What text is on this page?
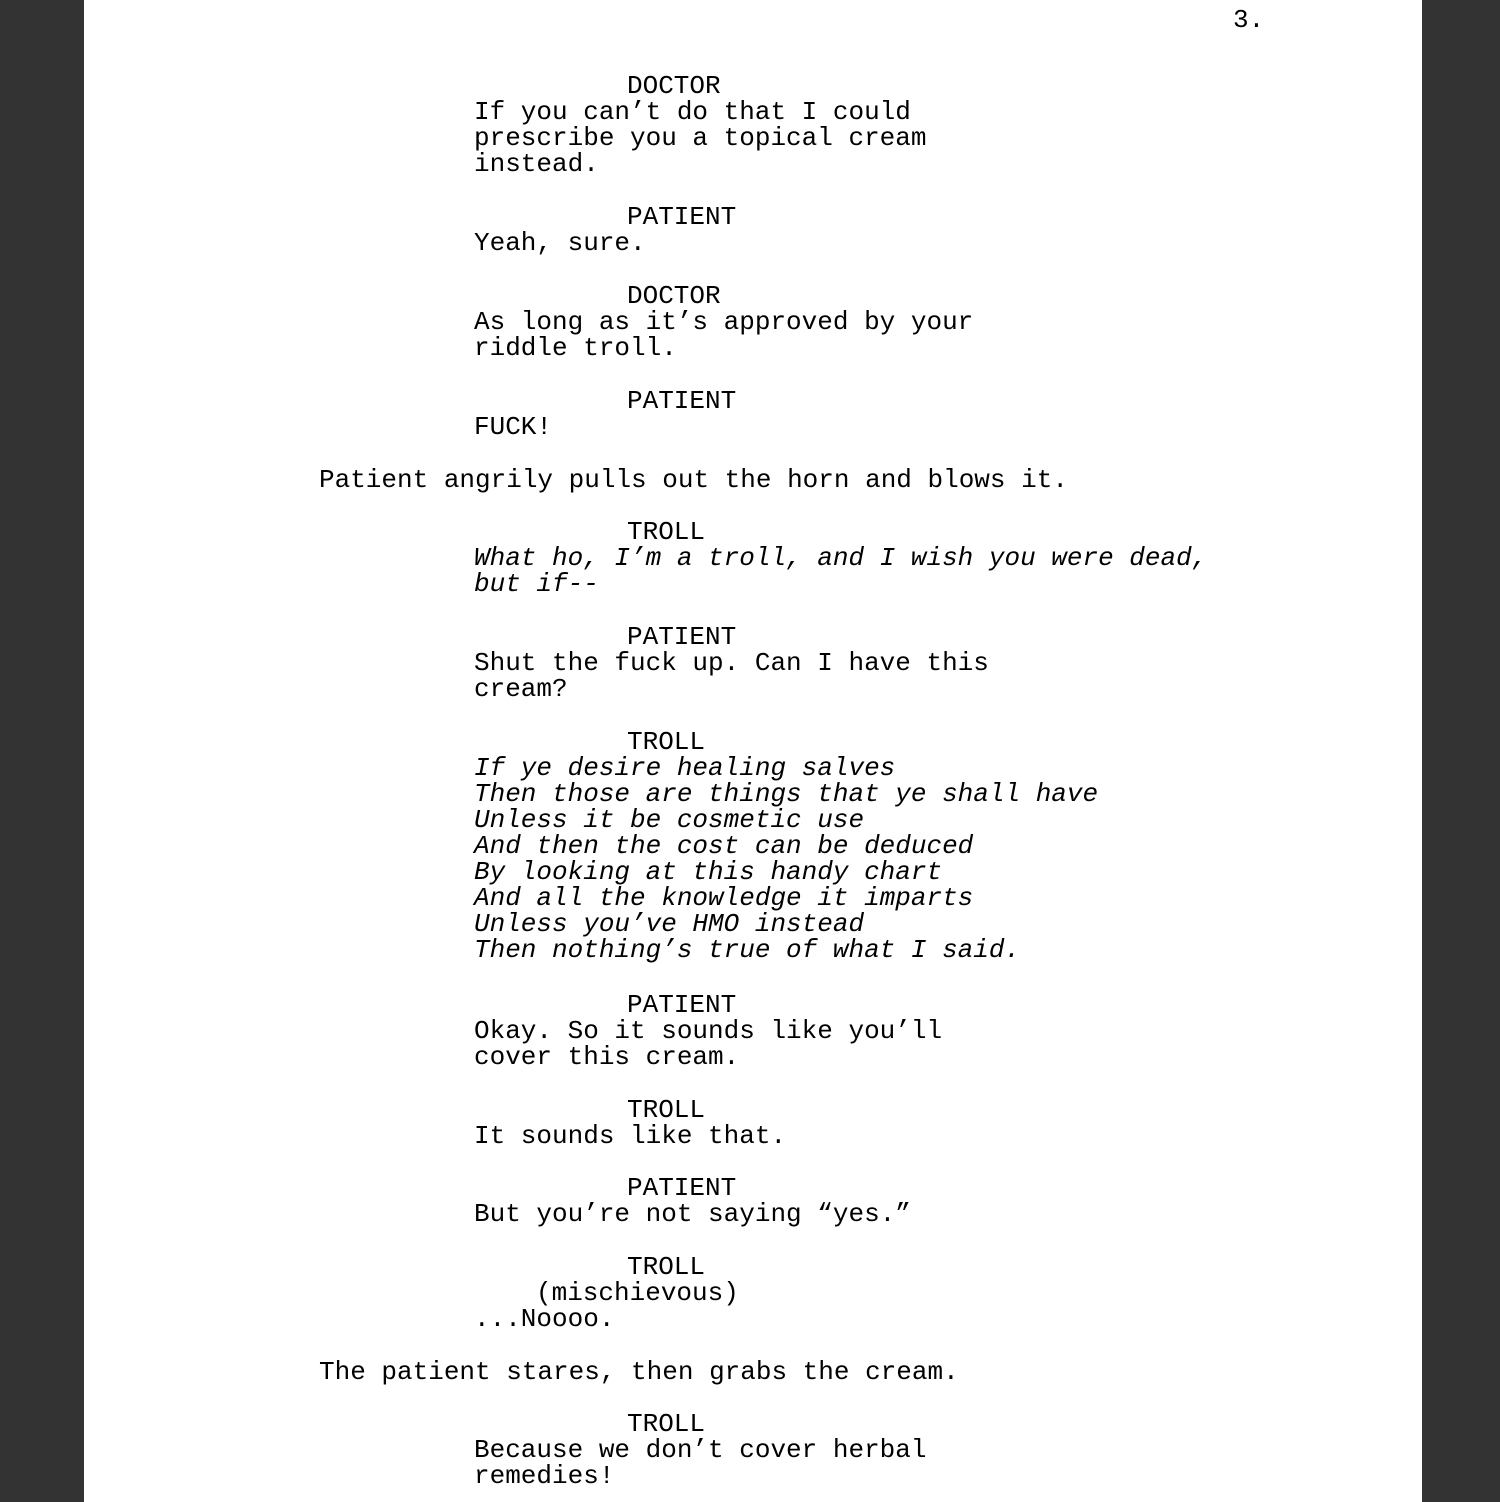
3.
DOCTOR
If you can’t do that I could
prescribe you a topical cream
instead.
PATIENT
Yeah, sure.
DOCTOR
As long as it’s approved by your
riddle troll.
PATIENT
FUCK!
Patient angrily pulls out the horn and blows it.
TROLL
What ho, I’m a troll, and I wish you were dead,
but if--
PATIENT
Shut the fuck up. Can I have this
cream?
TROLL
If ye desire healing salves
Then those are things that ye shall have
Unless it be cosmetic use
And then the cost can be deduced
By looking at this handy chart
And all the knowledge it imparts
Unless you’ve HMO instead
Then nothing’s true of what I said.
PATIENT
Okay. So it sounds like you’ll
cover this cream.
TROLL
It sounds like that.
PATIENT
But you’re not saying “yes.”
TROLL
(mischievous)
...Noooo.
The patient stares, then grabs the cream.
TROLL
Because we don’t cover herbal
remedies!
